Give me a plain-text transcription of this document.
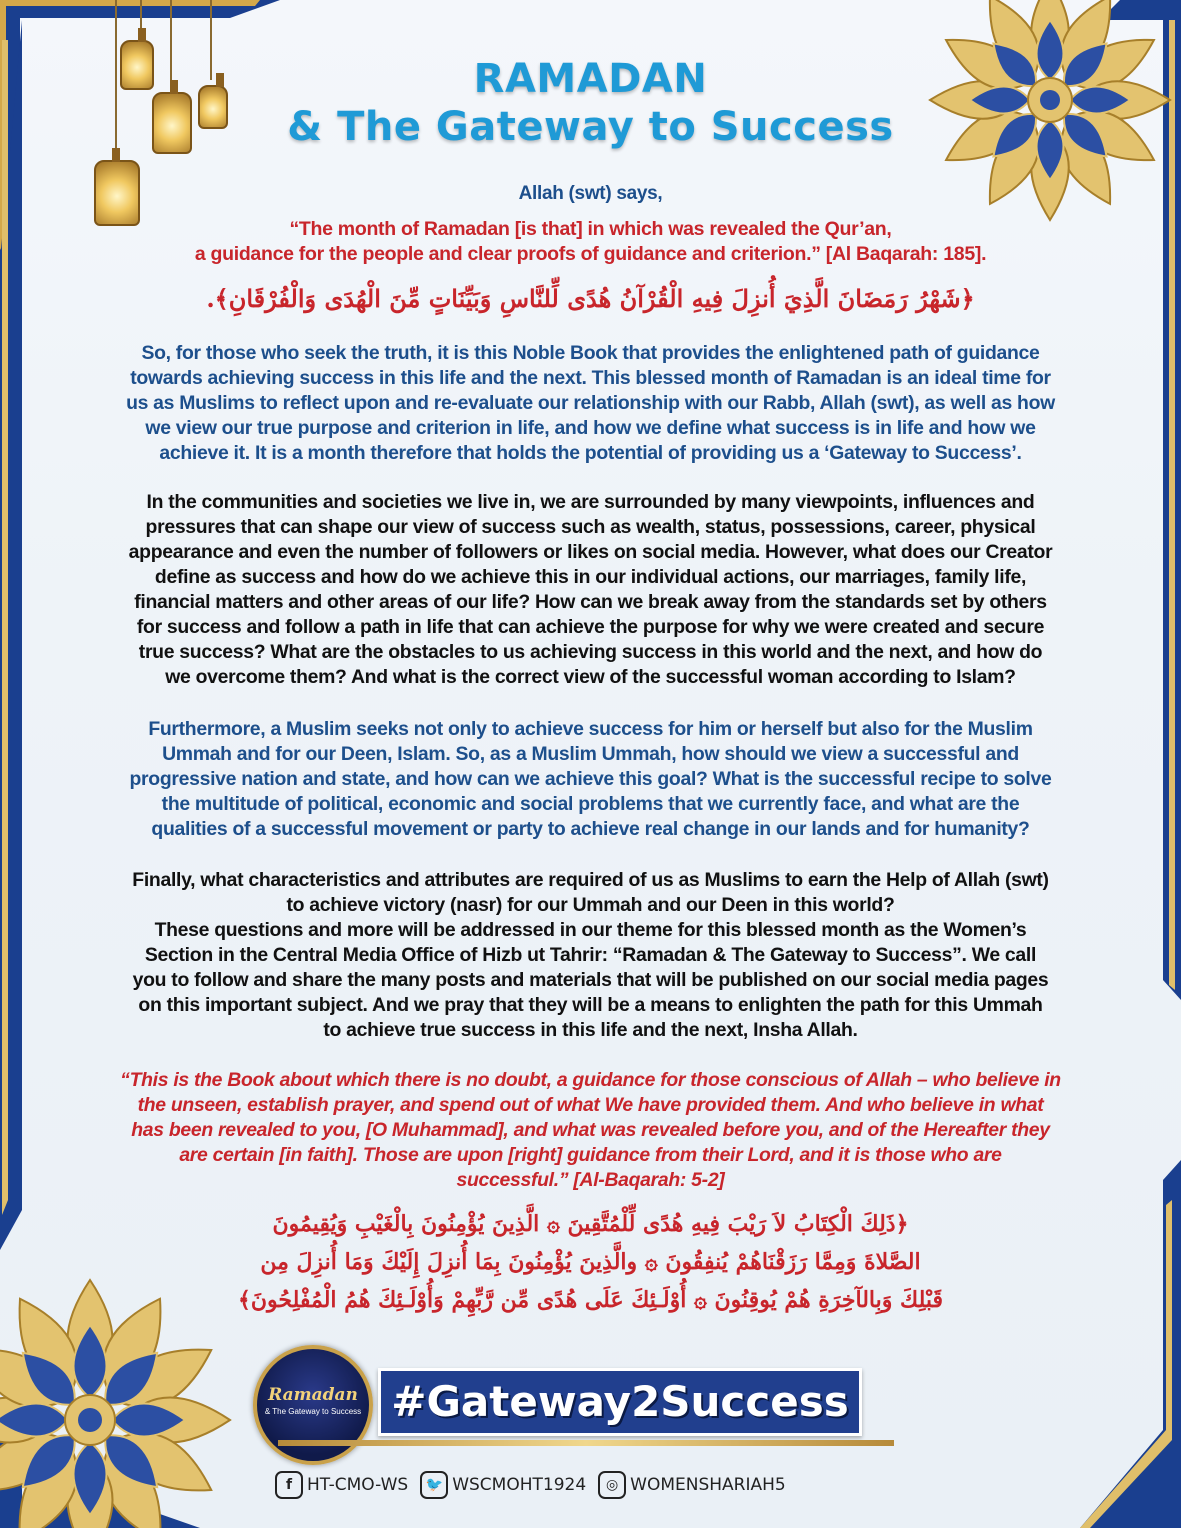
RAMADAN
& The Gateway to Success
Allah (swt) says,
“The month of Ramadan [is that] in which was revealed the Qur’an,
a guidance for the people and clear proofs of guidance and criterion.” [Al Baqarah: 185].
﴿شَهْرُ رَمَضَانَ الَّذِيَ أُنزِلَ فِيهِ الْقُرْآنُ هُدًى لِّلنَّاسِ وَبَيِّنَاتٍ مِّنَ الْهُدَى وَالْفُرْقَانِ﴾.

So, for those who seek the truth, it is this Noble Book that provides the enlightened path of guidance

towards achieving success in this life and the next. This blessed month of Ramadan is an ideal time for

us as Muslims to reflect upon and re-evaluate our relationship with our Rabb, Allah (swt), as well as how

we view our true purpose and criterion in life, and how we define what success is in life and how we

achieve it. It is a month therefore that holds the potential of providing us a ‘Gateway to Success’.

In the communities and societies we live in, we are surrounded by many viewpoints, influences and

pressures that can shape our view of success such as wealth, status, possessions, career, physical

appearance and even the number of followers or likes on social media. However, what does our Creator

define as success and how do we achieve this in our individual actions, our marriages, family life,

financial matters and other areas of our life? How can we break away from the standards set by others

for success and follow a path in life that can achieve the purpose for why we were created and secure

true success? What are the obstacles to us achieving success in this world and the next, and how do

we overcome them? And what is the correct view of the successful woman according to Islam?

Furthermore, a Muslim seeks not only to achieve success for him or herself but also for the Muslim

Ummah and for our Deen, Islam. So, as a Muslim Ummah, how should we view a successful and

progressive nation and state, and how can we achieve this goal? What is the successful recipe to solve

the multitude of political, economic and social problems that we currently face, and what are the

qualities of a successful movement or party to achieve real change in our lands and for humanity?

Finally, what characteristics and attributes are required of us as Muslims to earn the Help of Allah (swt)

to achieve victory (nasr) for our Ummah and our Deen in this world?

These questions and more will be addressed in our theme for this blessed month as the Women’s

Section in the Central Media Office of Hizb ut Tahrir: “Ramadan & The Gateway to Success”. We call

you to follow and share the many posts and materials that will be published on our social media pages

on this important subject. And we pray that they will be a means to enlighten the path for this Ummah

to achieve true success in this life and the next, Insha Allah.

“This is the Book about which there is no doubt, a guidance for those conscious of Allah – who believe in

the unseen, establish prayer, and spend out of what We have provided them. And who believe in what

has been revealed to you, [O Muhammad], and what was revealed before you, and of the Hereafter they

are certain [in faith]. Those are upon [right] guidance from their Lord, and it is those who are

successful.” [Al-Baqarah: 5-2]

﴿ذَلِكَ الْكِتَابُ لاَ رَيْبَ فِيهِ هُدًى لِّلْمُتَّقِينَ ۞ الَّذِينَ يُؤْمِنُونَ بِالْغَيْبِ وَيُقِيمُونَ
الصَّلاةَ وَمِمَّا رَزَقْنَاهُمْ يُنفِقُونَ ۞ والَّذِينَ يُؤْمِنُونَ بِمَا أُنزِلَ إِلَيْكَ وَمَا أُنزِلَ مِن
قَبْلِكَ وَبِالآخِرَةِ هُمْ يُوقِنُونَ ۞ أُوْلَـئِكَ عَلَى هُدًى مِّن رَّبِّهِمْ وَأُوْلَـئِكَ هُمُ الْمُفْلِحُونَ﴾
Ramadan
& The Gateway to Success #Gateway2Success
f HT-CMO-WS	🐦 WSCMOHT1924	◎ WOMENSHARIAH5
